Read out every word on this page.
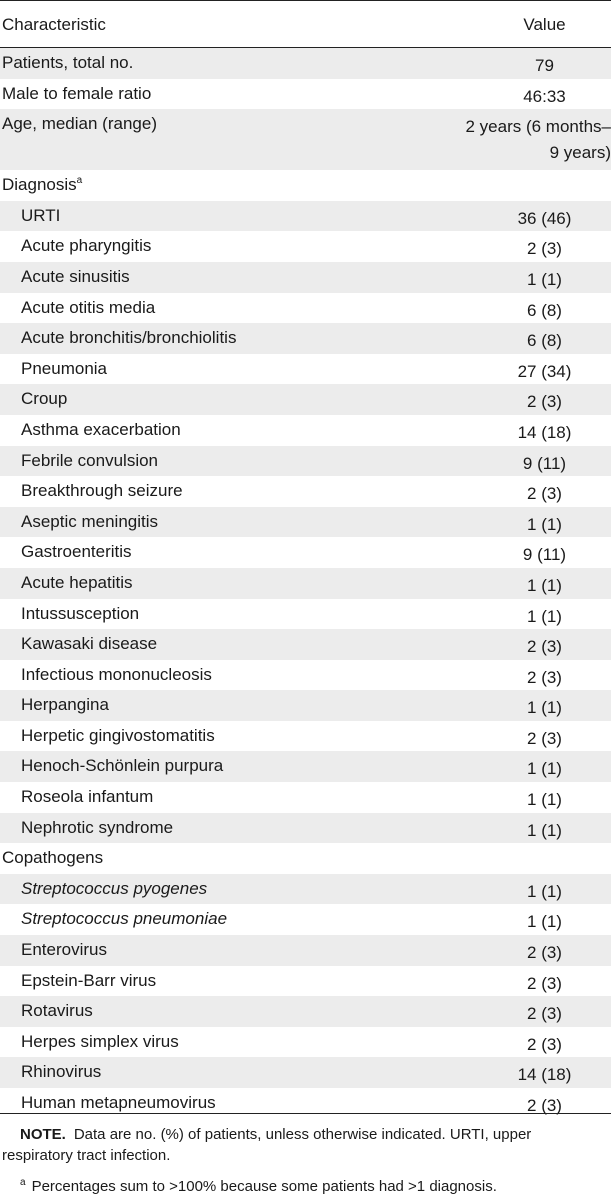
Characteristic	Value
Patients, total no.	79
Male to female ratio	46:33
Age, median (range)	2 years (6 months–9 years)
Diagnosis$^a$
URTI	36 (46)
Acute pharyngitis	2 (3)
Acute sinusitis	1 (1)
Acute otitis media	6 (8)
Acute bronchitis/bronchiolitis	6 (8)
Pneumonia	27 (34)
Croup	2 (3)
Asthma exacerbation	14 (18)
Febrile convulsion	9 (11)
Breakthrough seizure	2 (3)
Aseptic meningitis	1 (1)
Gastroenteritis	9 (11)
Acute hepatitis	1 (1)
Intussusception	1 (1)
Kawasaki disease	2 (3)
Infectious mononucleosis	2 (3)
Herpangina	1 (1)
Herpetic gingivostomatitis	2 (3)
Henoch-Schönlein purpura	1 (1)
Roseola infantum	1 (1)
Nephrotic syndrome	1 (1)
Copathogens
Streptococcus pyogenes	1 (1)
Streptococcus pneumoniae	1 (1)
Enterovirus	2 (3)
Epstein-Barr virus	2 (3)
Rotavirus	2 (3)
Herpes simplex virus	2 (3)
Rhinovirus	14 (18)
Human metapneumovirus	2 (3)
NOTE. Data are no. (%) of patients, unless otherwise indicated. URTI, upper respiratory tract infection.
$^a$ Percentages sum to >100% because some patients had >1 diagnosis.
